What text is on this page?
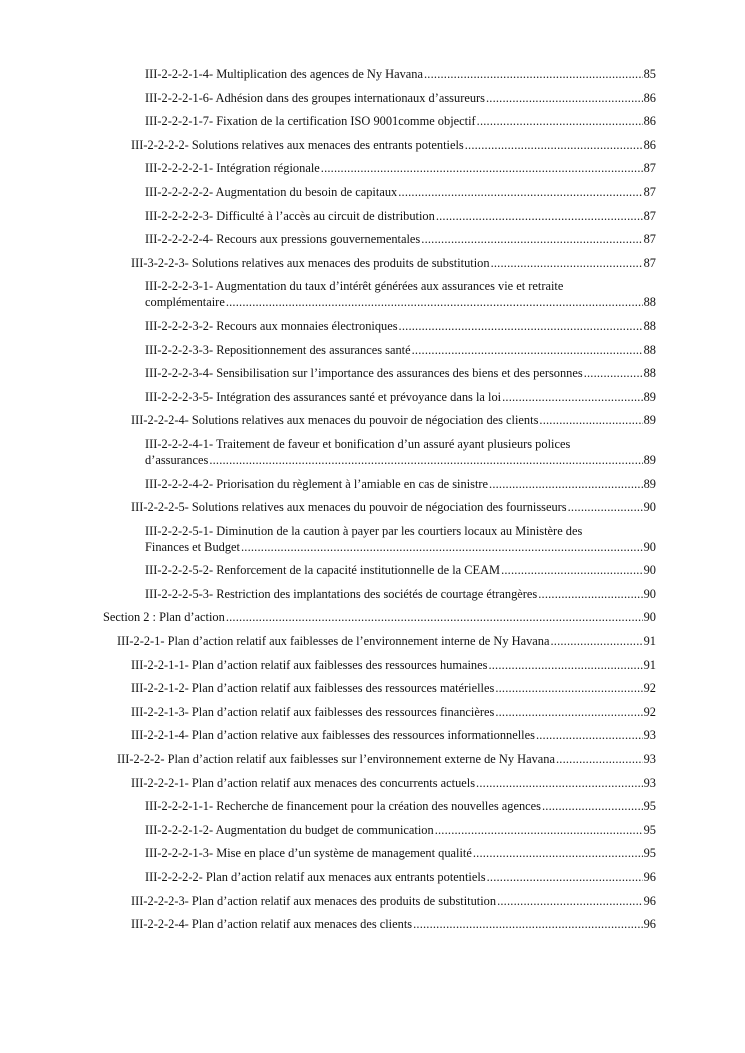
III-2-2-2-1-4- Multiplication des agences de Ny Havana .....	85
III-2-2-2-1-6- Adhésion dans des groupes internationaux d’assureurs .....	86
III-2-2-2-1-7- Fixation de la certification ISO 9001comme objectif .....	86
III-2-2-2-2- Solutions relatives aux menaces des entrants potentiels .....	86
III-2-2-2-2-1- Intégration régionale .....	87
III-2-2-2-2-2- Augmentation du besoin de capitaux .....	87
III-2-2-2-2-3- Difficulté à l’accès au circuit de distribution .....	87
III-2-2-2-2-4- Recours aux pressions gouvernementales .....	87
III-3-2-2-3- Solutions relatives aux menaces des produits de substitution .....	87
III-2-2-2-3-1- Augmentation du taux d’intérêt générées aux assurances vie et retraite
complémentaire .....	88
III-2-2-2-3-2- Recours aux monnaies électroniques .....	88
III-2-2-2-3-3- Repositionnement des assurances santé .....	88
III-2-2-2-3-4- Sensibilisation sur l’importance des assurances des biens et des personnes .....	88
III-2-2-2-3-5- Intégration des assurances santé et prévoyance dans la loi .....	89
III-2-2-2-4- Solutions relatives aux menaces du pouvoir de négociation des clients .....	89
III-2-2-2-4-1- Traitement de faveur et bonification d’un assuré ayant plusieurs polices
d’assurances .....	89
III-2-2-2-4-2- Priorisation du règlement à l’amiable en cas de sinistre .....	89
III-2-2-2-5- Solutions relatives aux menaces du pouvoir de négociation des fournisseurs .....	90
III-2-2-2-5-1- Diminution de la caution à payer par les courtiers locaux au Ministère des
Finances et Budget .....	90
III-2-2-2-5-2- Renforcement de la capacité institutionnelle de la CEAM .....	90
III-2-2-2-5-3- Restriction des implantations des sociétés de courtage étrangères .....	90
Section 2 : Plan d’action .....	90
III-2-2-1- Plan d’action relatif aux faiblesses de l’environnement interne de Ny Havana .....	91
III-2-2-1-1- Plan d’action relatif aux faiblesses des ressources humaines .....	91
III-2-2-1-2- Plan d’action relatif aux faiblesses des ressources matérielles .....	92
III-2-2-1-3- Plan d’action relatif aux faiblesses des ressources financières .....	92
III-2-2-1-4- Plan d’action relative aux faiblesses des ressources informationnelles .....	93
III-2-2-2- Plan d’action relatif aux faiblesses sur l’environnement externe de Ny Havana .....	93
III-2-2-2-1- Plan d’action relatif aux menaces des concurrents actuels .....	93
III-2-2-2-1-1- Recherche de financement pour la création des nouvelles agences .....	95
III-2-2-2-1-2- Augmentation du budget de communication .....	95
III-2-2-2-1-3- Mise en place d’un système de management qualité .....	95
III-2-2-2-2- Plan d’action relatif aux menaces aux entrants potentiels .....	96
III-2-2-2-3- Plan d’action relatif aux menaces des produits de substitution .....	96
III-2-2-2-4- Plan d’action relatif aux menaces des clients .....	96
